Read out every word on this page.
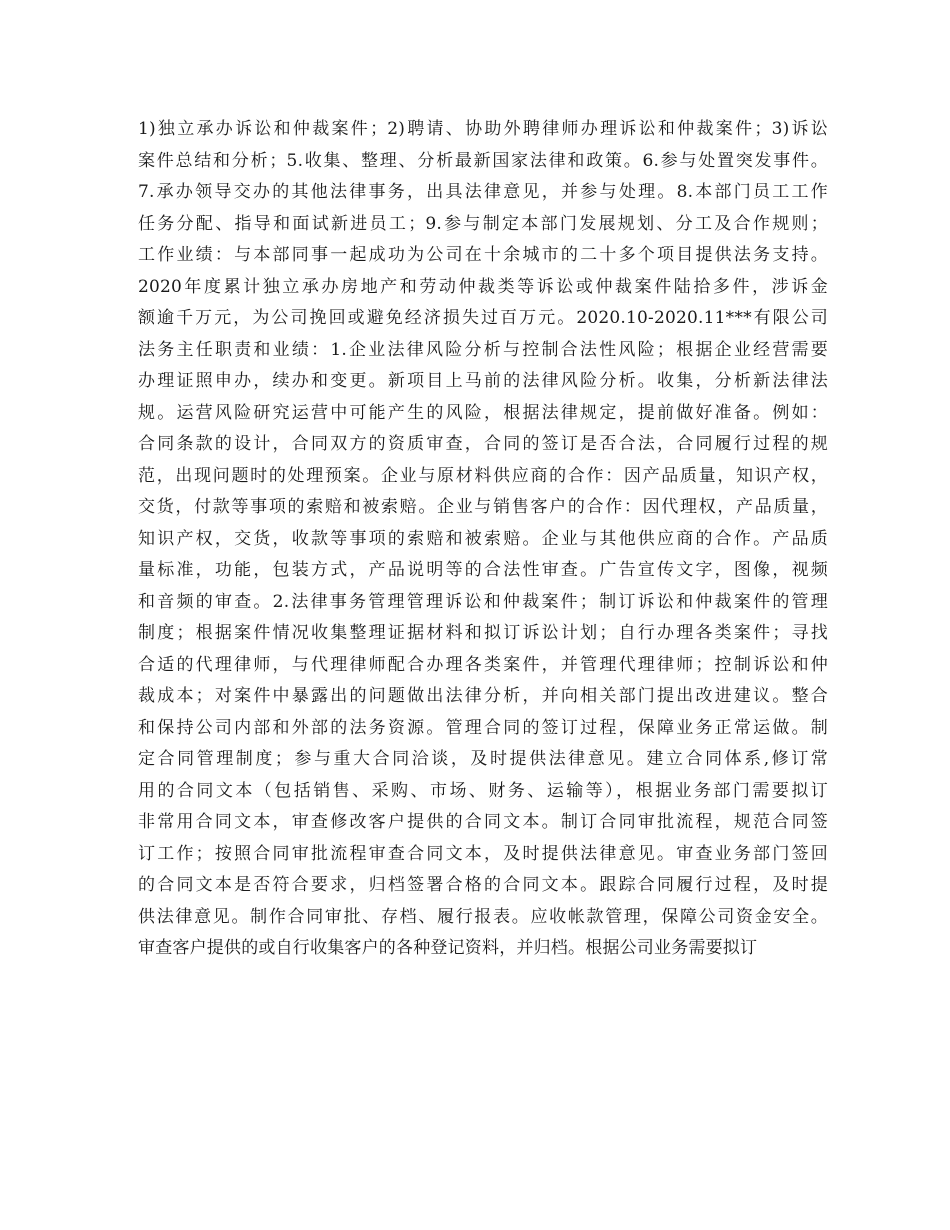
1)独立承办诉讼和仲裁案件；2)聘请、协助外聘律师办理诉讼和仲裁案件；3)诉讼
案件总结和分析；5.收集、整理、分析最新国家法律和政策。6.参与处置突发事件。
7.承办领导交办的其他法律事务，出具法律意见，并参与处理。8.本部门员工工作
任务分配、指导和面试新进员工；9.参与制定本部门发展规划、分工及合作规则；
工作业绩：与本部同事一起成功为公司在十余城市的二十多个项目提供法务支持。
2020年度累计独立承办房地产和劳动仲裁类等诉讼或仲裁案件陆拾多件，涉诉金
额逾千万元，为公司挽回或避免经济损失过百万元。2020.10-2020.11***有限公司
法务主任职责和业绩：1.企业法律风险分析与控制合法性风险；根据企业经营需要
办理证照申办，续办和变更。新项目上马前的法律风险分析。收集，分析新法律法
规。运营风险研究运营中可能产生的风险，根据法律规定，提前做好准备。例如：
合同条款的设计，合同双方的资质审查，合同的签订是否合法，合同履行过程的规
范，出现问题时的处理预案。企业与原材料供应商的合作：因产品质量，知识产权，
交货，付款等事项的索赔和被索赔。企业与销售客户的合作：因代理权，产品质量，
知识产权，交货，收款等事项的索赔和被索赔。企业与其他供应商的合作。产品质
量标准，功能，包装方式，产品说明等的合法性审查。广告宣传文字，图像，视频
和音频的审查。2.法律事务管理管理诉讼和仲裁案件；制订诉讼和仲裁案件的管理
制度；根据案件情况收集整理证据材料和拟订诉讼计划；自行办理各类案件；寻找
合适的代理律师，与代理律师配合办理各类案件，并管理代理律师；控制诉讼和仲
裁成本；对案件中暴露出的问题做出法律分析，并向相关部门提出改进建议。整合
和保持公司内部和外部的法务资源。管理合同的签订过程，保障业务正常运做。制
定合同管理制度；参与重大合同洽谈，及时提供法律意见。建立合同体系,修订常
用的合同文本（包括销售、采购、市场、财务、运输等），根据业务部门需要拟订
非常用合同文本，审查修改客户提供的合同文本。制订合同审批流程，规范合同签
订工作；按照合同审批流程审查合同文本，及时提供法律意见。审查业务部门签回
的合同文本是否符合要求，归档签署合格的合同文本。跟踪合同履行过程，及时提
供法律意见。制作合同审批、存档、履行报表。应收帐款管理，保障公司资金安全。
审查客户提供的或自行收集客户的各种登记资料，并归档。根据公司业务需要拟订
